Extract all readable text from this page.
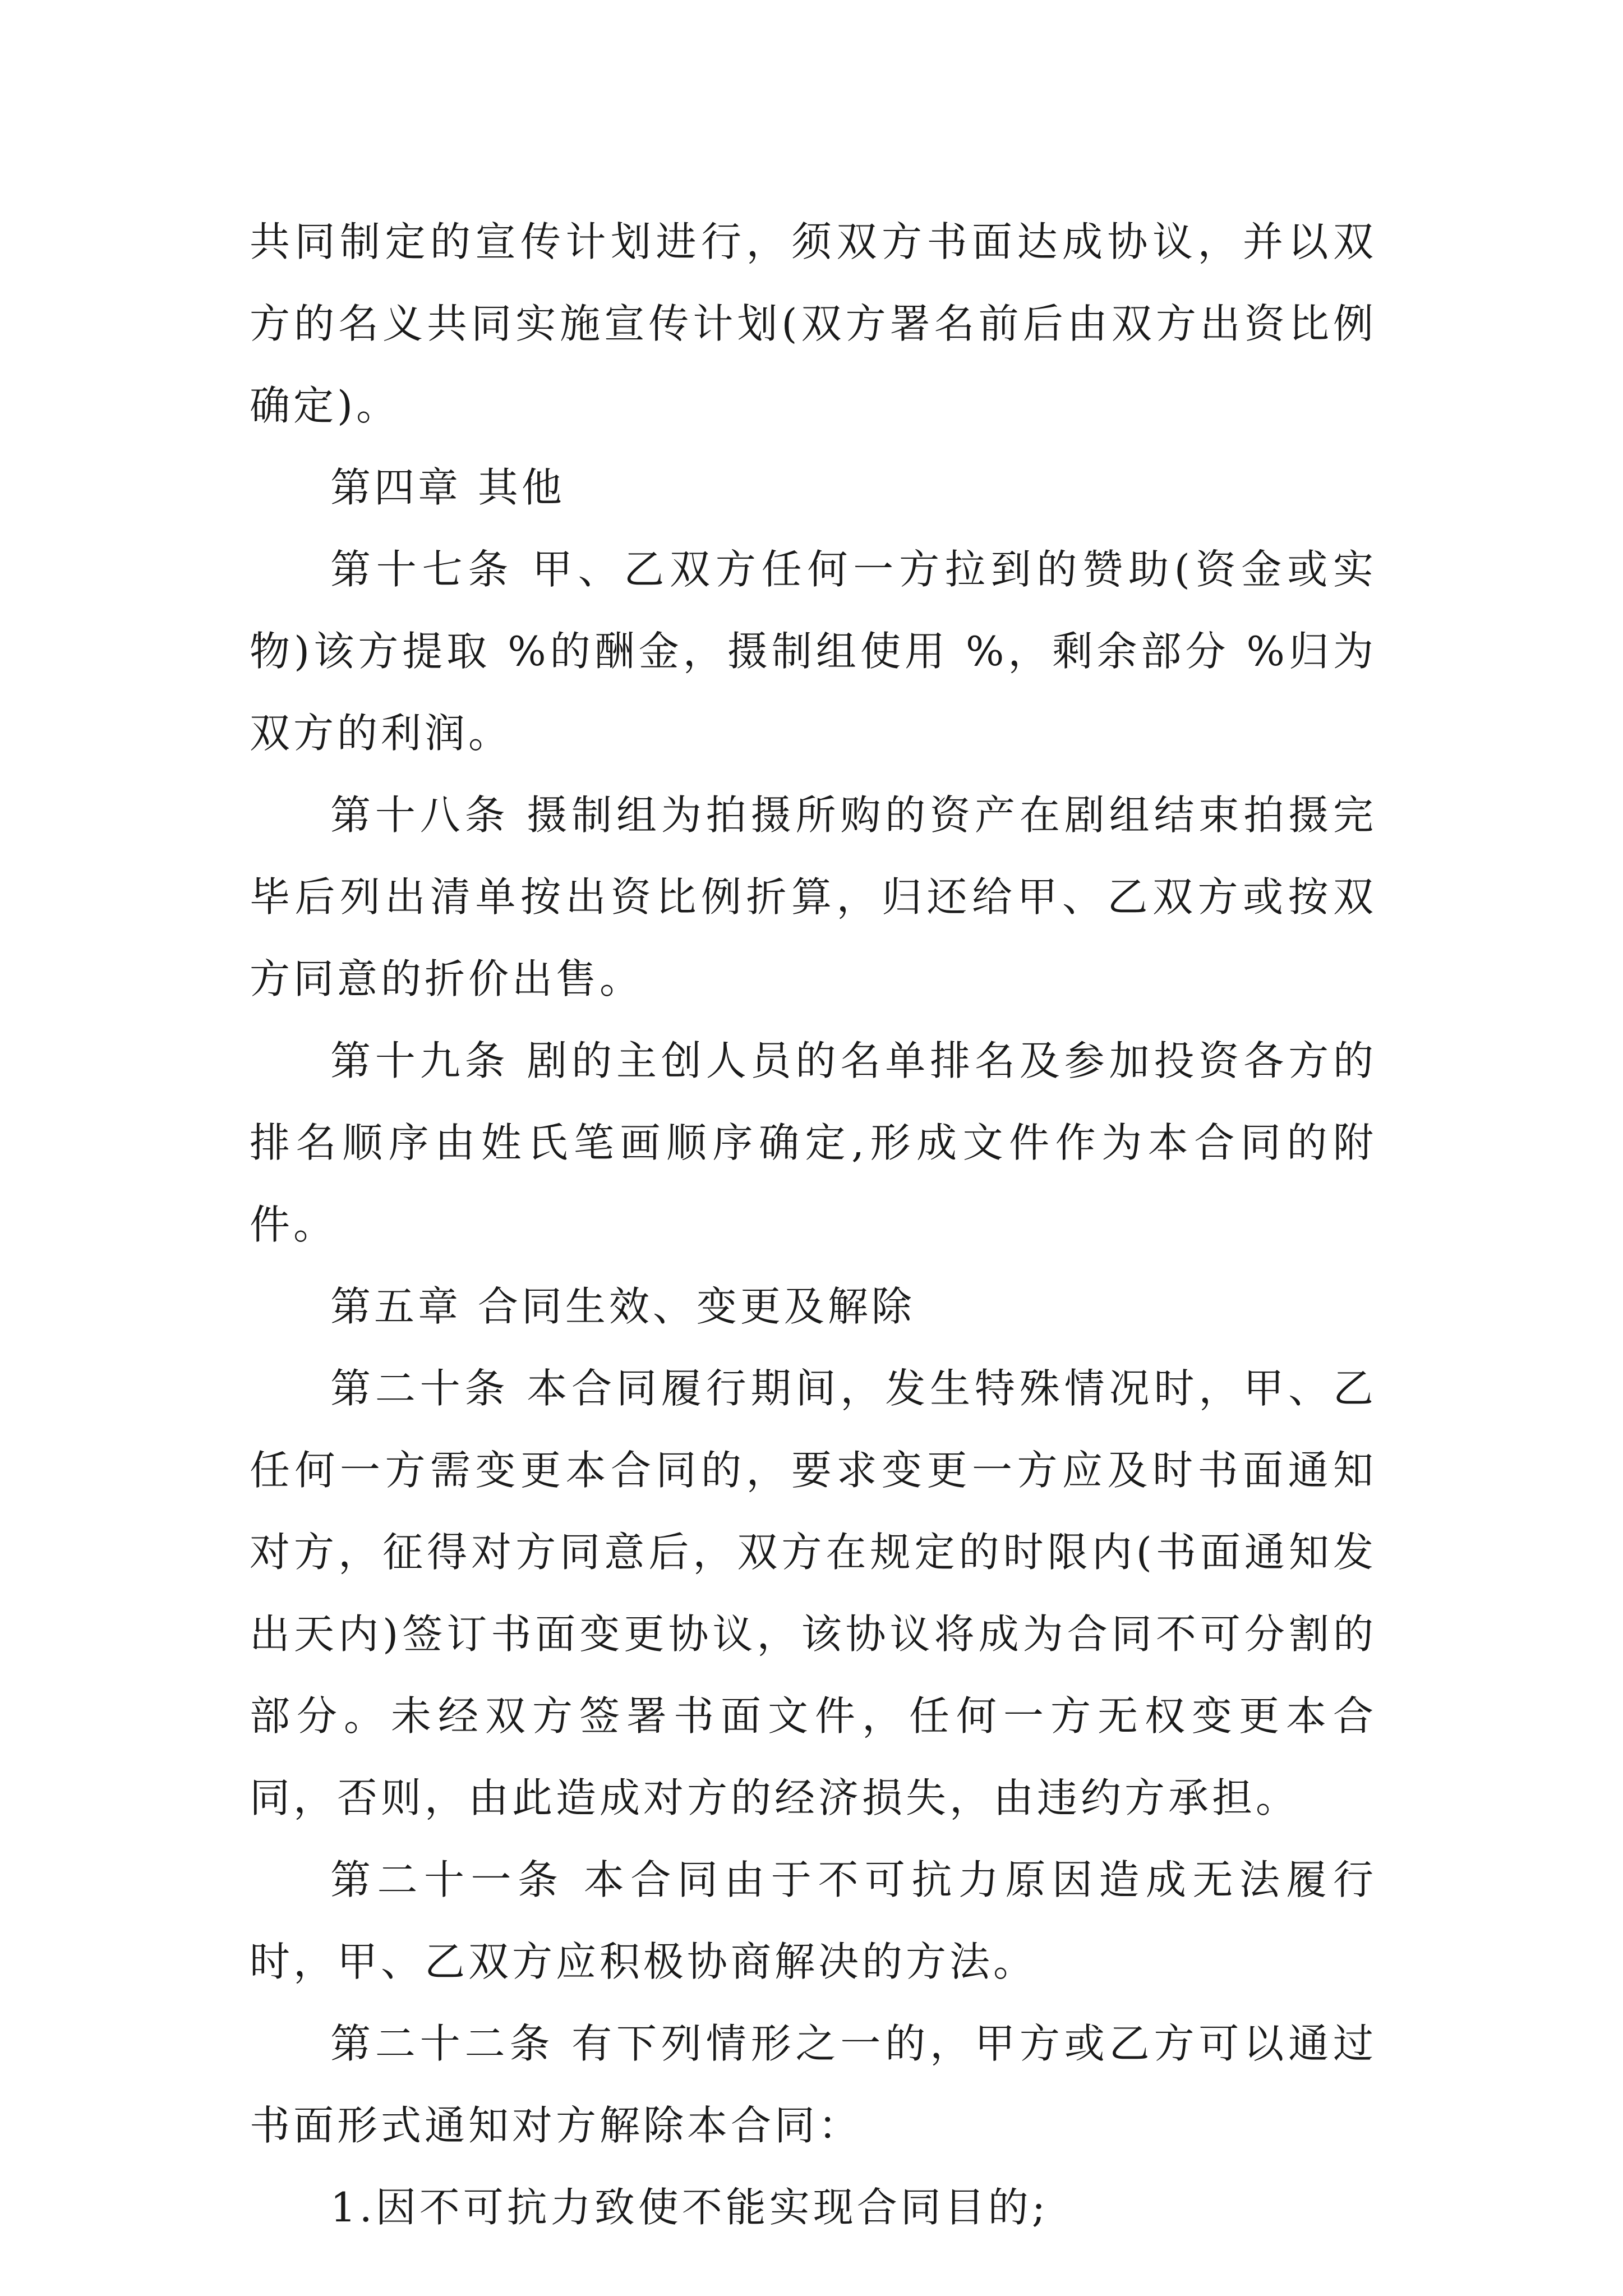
共同制定的宣传计划进行，须双方书面达成协议，并以双方的名义共同实施宣传计划(双方署名前后由双方出资比例确定)。

第四章 其他

第十七条 甲、乙双方任何一方拉到的赞助(资金或实物)该方提取 %的酬金，摄制组使用 %，剩余部分 %归为双方的利润。

第十八条 摄制组为拍摄所购的资产在剧组结束拍摄完毕后列出清单按出资比例折算，归还给甲、乙双方或按双方同意的折价出售。

第十九条 剧的主创人员的名单排名及参加投资各方的排名顺序由姓氏笔画顺序确定,形成文件作为本合同的附件。

第五章 合同生效、变更及解除

第二十条 本合同履行期间，发生特殊情况时，甲、乙任何一方需变更本合同的，要求变更一方应及时书面通知对方，征得对方同意后，双方在规定的时限内(书面通知发出天内)签订书面变更协议，该协议将成为合同不可分割的部分。未经双方签署书面文件，任何一方无权变更本合同，否则，由此造成对方的经济损失，由违约方承担。

第二十一条 本合同由于不可抗力原因造成无法履行时，甲、乙双方应积极协商解决的方法。

第二十二条 有下列情形之一的，甲方或乙方可以通过书面形式通知对方解除本合同：

1.因不可抗力致使不能实现合同目的;
